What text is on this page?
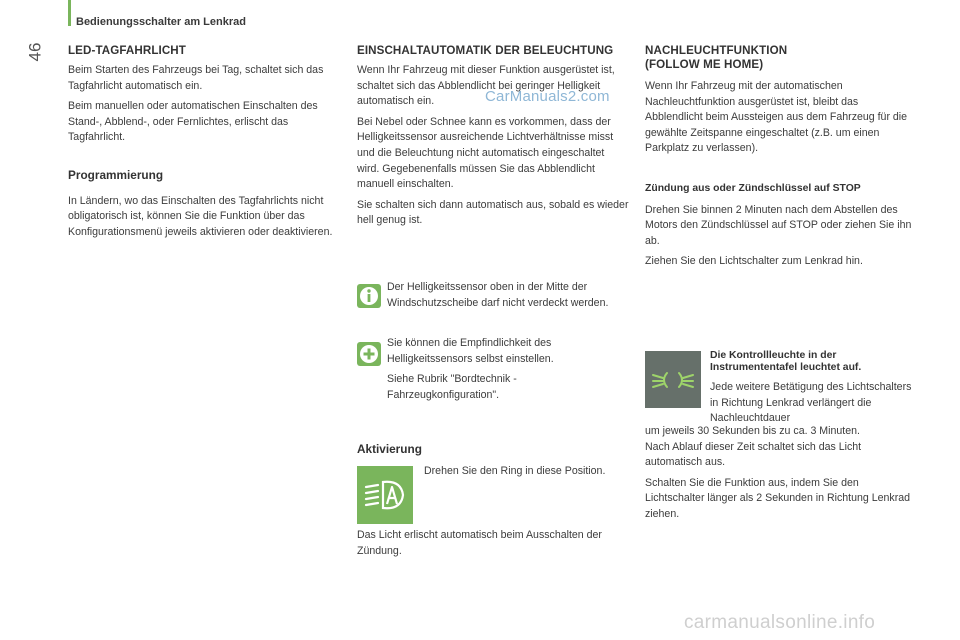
Bedienungsschalter am Lenkrad
46 LED-TAGFAHRLICHT

Beim Starten des Fahrzeugs bei Tag, schaltet sich das Tagfahrlicht automatisch ein.

Beim manuellen oder automatischen Einschalten des Stand-, Abblend-, oder Fernlichtes, erlischt das Tagfahrlicht.

Programmierung

In Ländern, wo das Einschalten des Tagfahrlichts nicht obligatorisch ist, können Sie die Funktion über das Konfigurationsmenü jeweils aktivieren oder deaktivieren.

EINSCHALTAUTOMATIK DER BELEUCHTUNG

Wenn Ihr Fahrzeug mit dieser Funktion ausgerüstet ist, schaltet sich das Abblendlicht bei geringer Helligkeit automatisch ein.

Bei Nebel oder Schnee kann es vorkommen, dass der Helligkeitssensor ausreichende Lichtverhältnisse misst und die Beleuchtung nicht automatisch eingeschaltet wird. Gegebenenfalls müssen Sie das Abblendlicht manuell einschalten.

Sie schalten sich dann automatisch aus, sobald es wieder hell genug ist.

Der Helligkeitssensor oben in der Mitte der Windschutzscheibe darf nicht verdeckt werden.

Sie können die Empfindlichkeit des Helligkeitssensors selbst einstellen.

Siehe Rubrik "Bordtechnik - Fahrzeugkonfiguration".

Aktivierung
Drehen Sie den Ring in diese Position.
Das Licht erlischt automatisch beim Ausschalten der Zündung.
NACHLEUCHTFUNKTION
(FOLLOW ME HOME)

Wenn Ihr Fahrzeug mit der automatischen Nachleuchtfunktion ausgerüstet ist, bleibt das Abblendlicht beim Aussteigen aus dem Fahrzeug für die gewählte Zeitspanne eingeschaltet (z.B. um einen Parkplatz zu verlassen).

Zündung aus oder Zündschlüssel auf STOP

Drehen Sie binnen 2 Minuten nach dem Abstellen des Motors den Zündschlüssel auf STOP oder ziehen Sie ihn ab.

Ziehen Sie den Lichtschalter zum Lenkrad hin.

Die Kontrollleuchte in der Instrumententafel leuchtet auf.

Jede weitere Betätigung des Lichtschalters in Richtung Lenkrad verlängert die Nachleuchtdauer

um jeweils 30 Sekunden bis zu ca. 3 Minuten.

Nach Ablauf dieser Zeit schaltet sich das Licht automatisch aus.

Schalten Sie die Funktion aus, indem Sie den Lichtschalter länger als 2 Sekunden in Richtung Lenkrad ziehen.

CarManuals2.com
carmanualsonline.info
